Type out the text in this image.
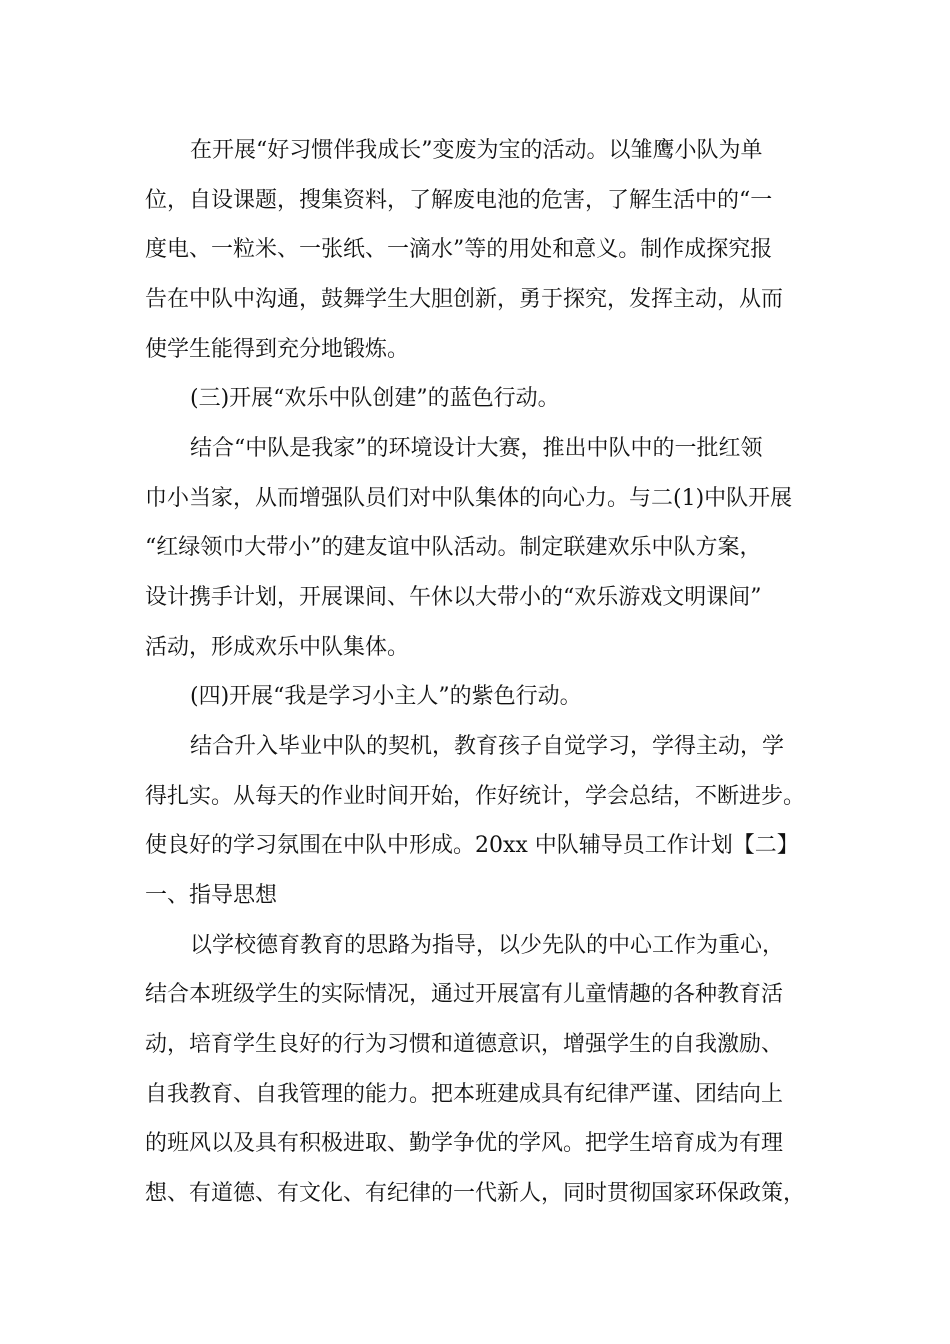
在开展“好习惯伴我成长”变废为宝的活动。以雏鹰小队为单
位，自设课题，搜集资料，了解废电池的危害，了解生活中的“一
度电、一粒米、一张纸、一滴水”等的用处和意义。制作成探究报
告在中队中沟通，鼓舞学生大胆创新，勇于探究，发挥主动，从而
使学生能得到充分地锻炼。
(三)开展“欢乐中队创建”的蓝色行动。
结合“中队是我家”的环境设计大赛，推出中队中的一批红领
巾小当家，从而增强队员们对中队集体的向心力。与二(1)中队开展
“红绿领巾大带小”的建友谊中队活动。制定联建欢乐中队方案，
设计携手计划，开展课间、午休以大带小的“欢乐游戏文明课间”
活动，形成欢乐中队集体。
(四)开展“我是学习小主人”的紫色行动。
结合升入毕业中队的契机，教育孩子自觉学习，学得主动，学
得扎实。从每天的作业时间开始，作好统计，学会总结，不断进步。
使良好的学习氛围在中队中形成。20xx 中队辅导员工作计划【二】
一、指导思想
以学校德育教育的思路为指导，以少先队的中心工作为重心，
结合本班级学生的实际情况，通过开展富有儿童情趣的各种教育活
动，培育学生良好的行为习惯和道德意识，增强学生的自我激励、
自我教育、自我管理的能力。把本班建成具有纪律严谨、团结向上
的班风以及具有积极进取、勤学争优的学风。把学生培育成为有理
想、有道德、有文化、有纪律的一代新人，同时贯彻国家环保政策，
